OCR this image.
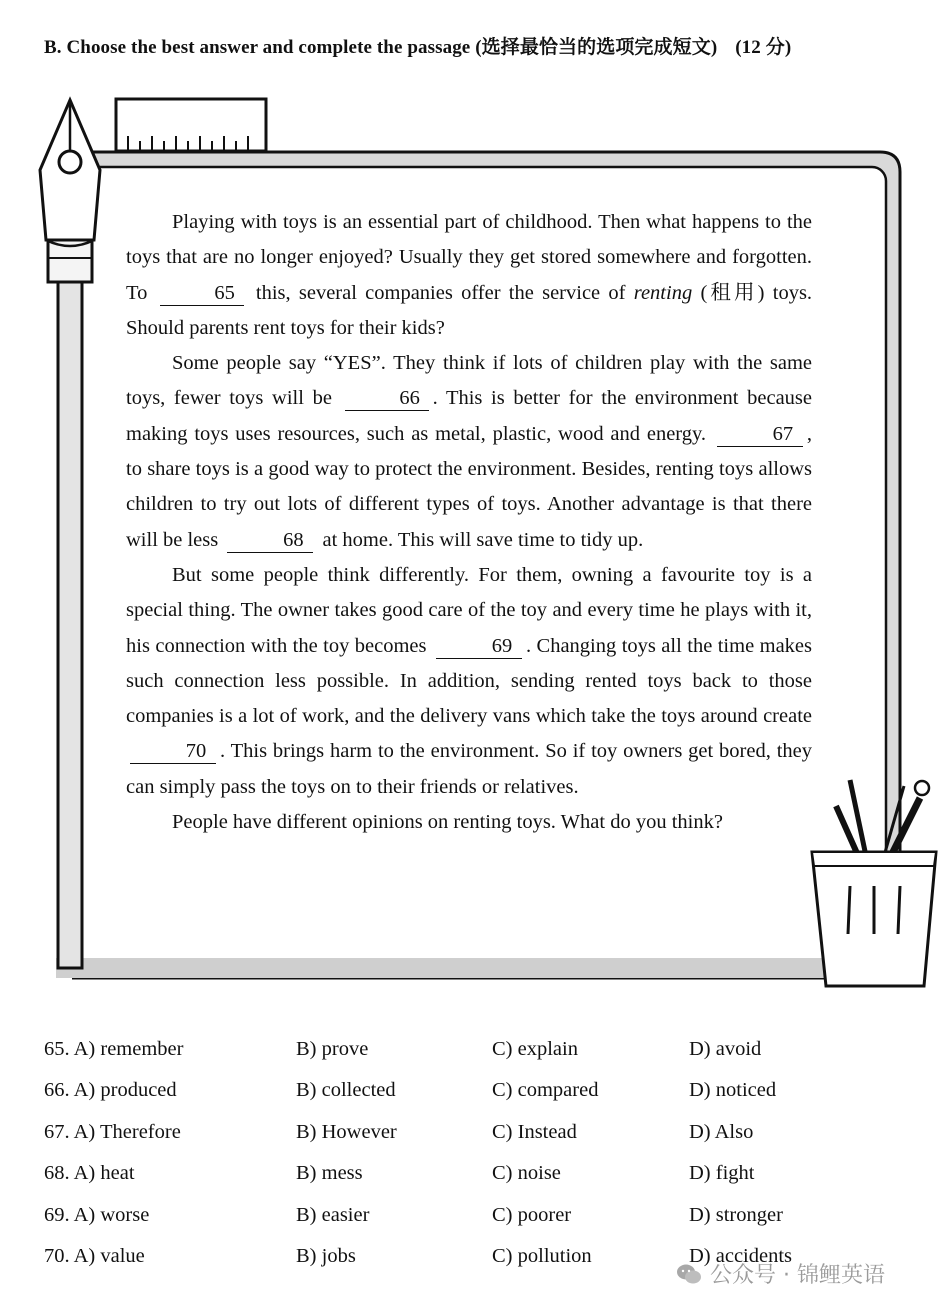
B. Choose the best answer and complete the passage (选择最恰当的选项完成短文) (12 分)

Playing with toys is an essential part of childhood. Then what happens to the toys that are no longer enjoyed? Usually they get stored somewhere and forgotten. To	65 this, several companies offer the service of renting (租用) toys. Should parents rent toys for their kids?

Some people say “YES”. They think if lots of children play with the same toys, fewer toys will be	66 . This is better for the environment because making toys uses resources, such as metal, plastic, wood and energy.	67 , to share toys is a good way to protect the environment. Besides, renting toys allows children to try out lots of different types of toys. Another advantage is that there will be less	68 at home. This will save time to tidy up.

But some people think differently. For them, owning a favourite toy is a special thing. The owner takes good care of the toy and every time he plays with it, his connection with the toy becomes	69 . Changing toys all the time makes such connection less possible. In addition, sending rented toys back to those companies is a lot of work, and the delivery vans which take the toys around create 70 . This brings harm to the environment. So if toy owners get bored, they can simply pass the toys on to their friends or relatives.

People have different opinions on renting toys. What do you think?

65. A) remember	B) prove	C) explain	D) avoid
66. A) produced	B) collected	C) compared	D) noticed
67. A) Therefore	B) However	C) Instead	D) Also
68. A) heat	B) mess	C) noise	D) fight
69. A) worse	B) easier	C) poorer	D) stronger
70. A) value	B) jobs	C) pollution	D) accidents
公众号 · 锦鲤英语
